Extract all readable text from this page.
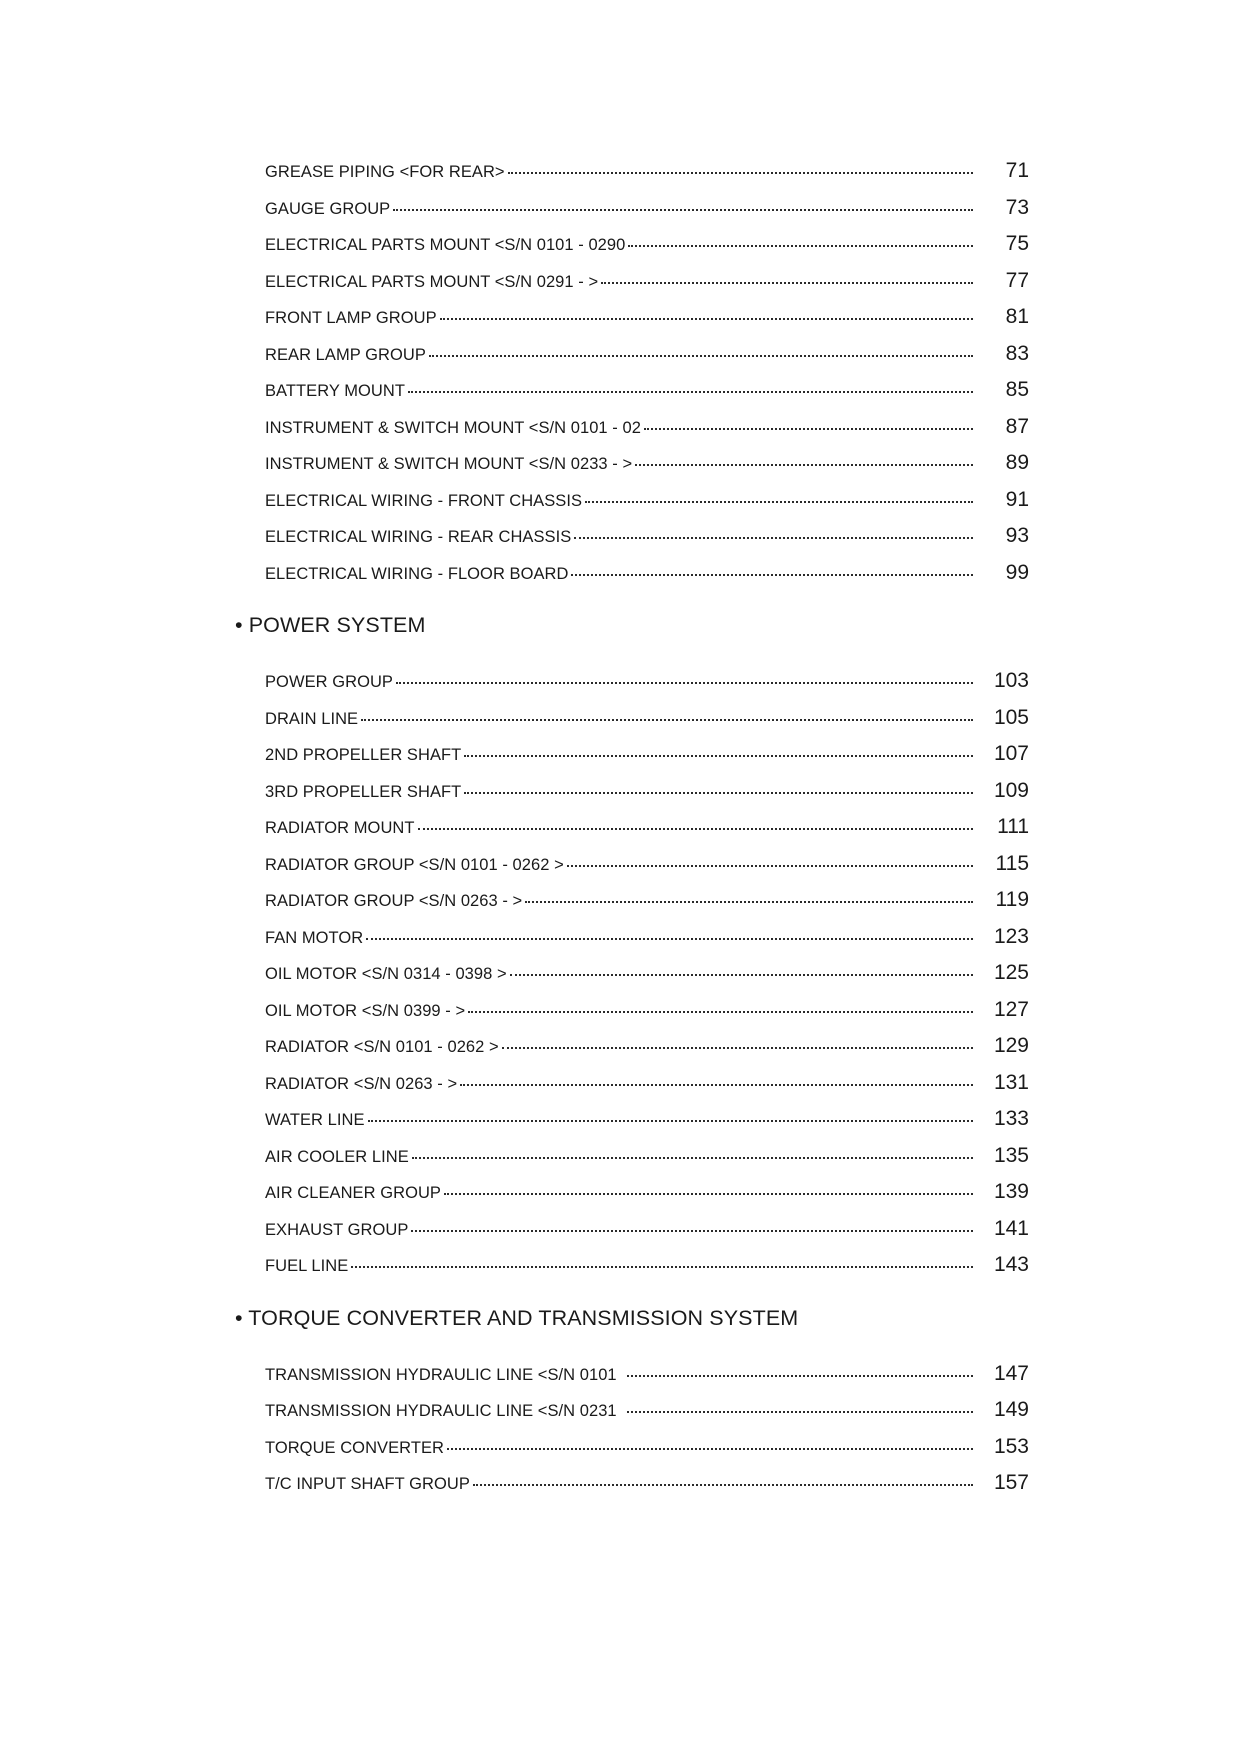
GREASE PIPING <FOR REAR>	71
GAUGE GROUP	73
ELECTRICAL PARTS MOUNT <S/N 0101 - 0290	75
ELECTRICAL PARTS MOUNT <S/N 0291 - >	77
FRONT LAMP GROUP	81
REAR LAMP GROUP	83
BATTERY MOUNT	85
INSTRUMENT & SWITCH MOUNT <S/N 0101 - 02	87
INSTRUMENT & SWITCH MOUNT <S/N 0233 - >	89
ELECTRICAL WIRING - FRONT CHASSIS	91
ELECTRICAL WIRING - REAR CHASSIS	93
ELECTRICAL WIRING - FLOOR BOARD	99
• POWER SYSTEM
POWER GROUP	103
DRAIN LINE	105
2ND PROPELLER SHAFT	107
3RD PROPELLER SHAFT	109
RADIATOR MOUNT	111
RADIATOR GROUP <S/N 0101 - 0262 >	115
RADIATOR GROUP <S/N 0263 - >	119
FAN MOTOR	123
OIL MOTOR <S/N 0314 - 0398 >	125
OIL MOTOR <S/N 0399 - >	127
RADIATOR <S/N 0101 - 0262 >	129
RADIATOR <S/N 0263 - >	131
WATER LINE	133
AIR COOLER LINE	135
AIR CLEANER GROUP	139
EXHAUST GROUP	141
FUEL LINE	143
• TORQUE CONVERTER AND TRANSMISSION SYSTEM
TRANSMISSION HYDRAULIC LINE <S/N 0101	147
TRANSMISSION HYDRAULIC LINE <S/N 0231	149
TORQUE CONVERTER	153
T/C INPUT SHAFT GROUP	157
